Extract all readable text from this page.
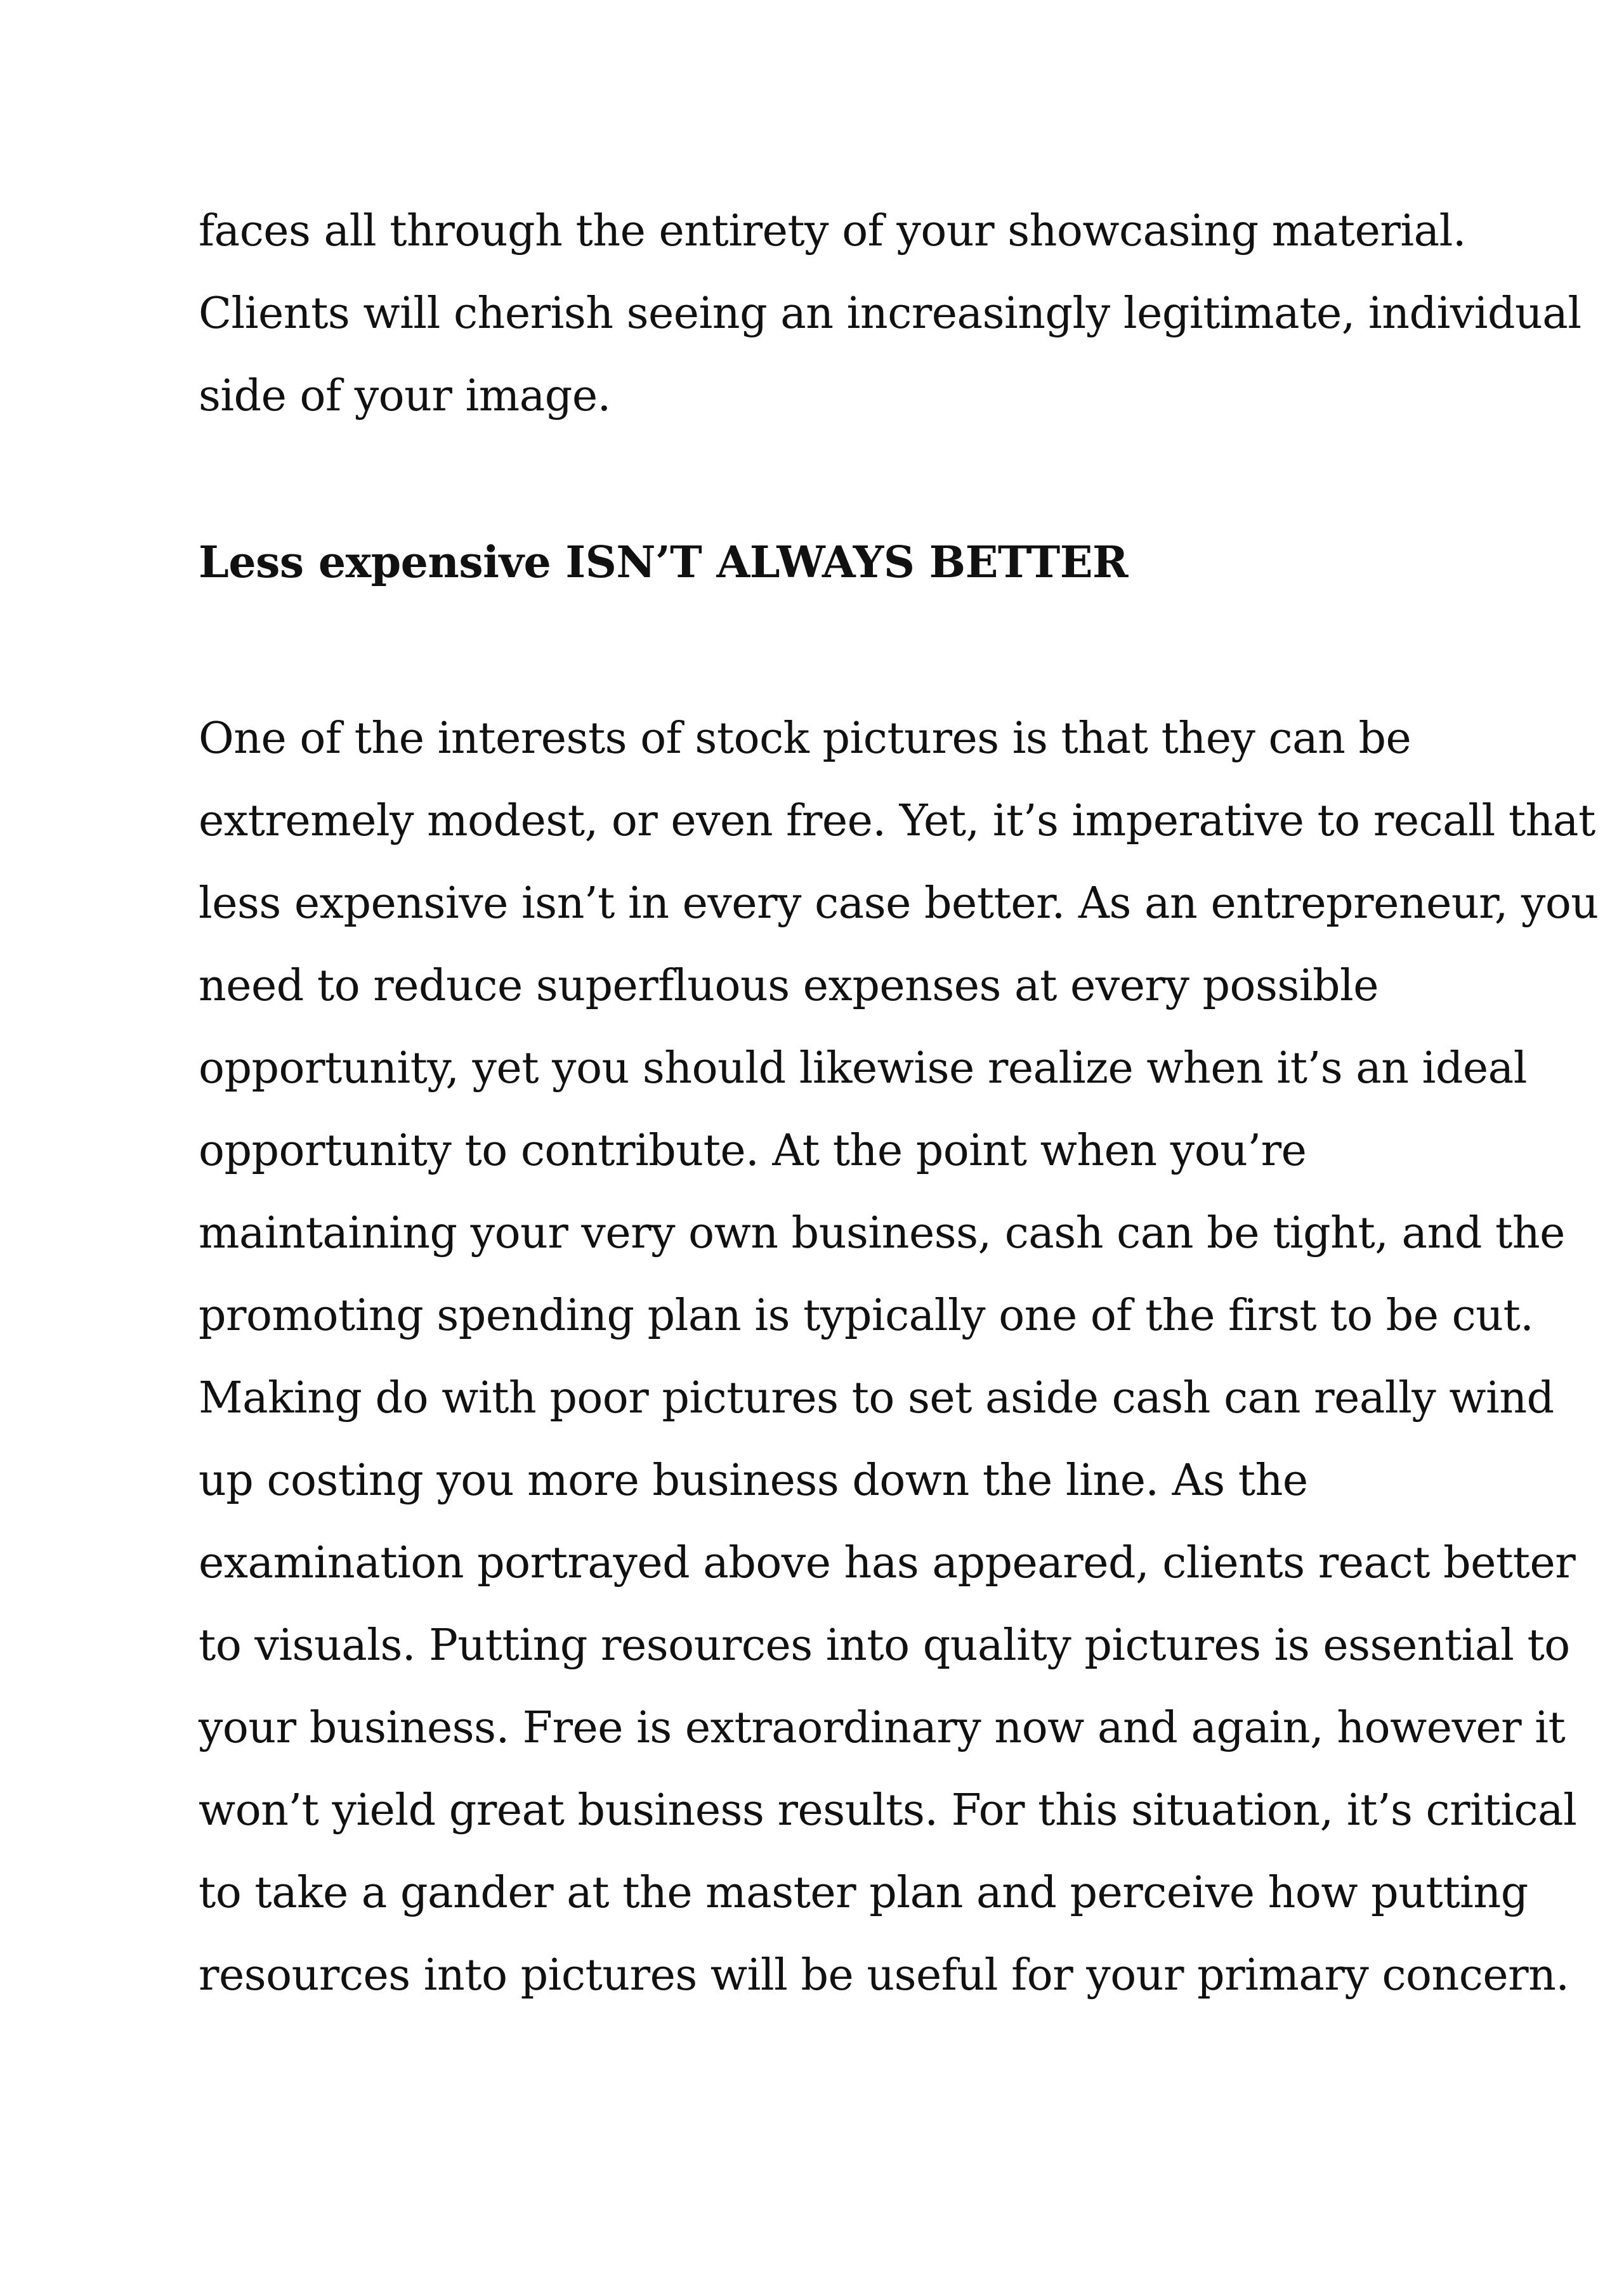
faces all through the entirety of your showcasing material.
Clients will cherish seeing an increasingly legitimate, individual
side of your image.
Less expensive ISN’T ALWAYS BETTER
One of the interests of stock pictures is that they can be
extremely modest, or even free. Yet, it’s imperative to recall that
less expensive isn’t in every case better. As an entrepreneur, you
need to reduce superfluous expenses at every possible
opportunity, yet you should likewise realize when it’s an ideal
opportunity to contribute. At the point when you’re
maintaining your very own business, cash can be tight, and the
promoting spending plan is typically one of the first to be cut.
Making do with poor pictures to set aside cash can really wind
up costing you more business down the line. As the
examination portrayed above has appeared, clients react better
to visuals. Putting resources into quality pictures is essential to
your business. Free is extraordinary now and again, however it
won’t yield great business results. For this situation, it’s critical
to take a gander at the master plan and perceive how putting
resources into pictures will be useful for your primary concern.
